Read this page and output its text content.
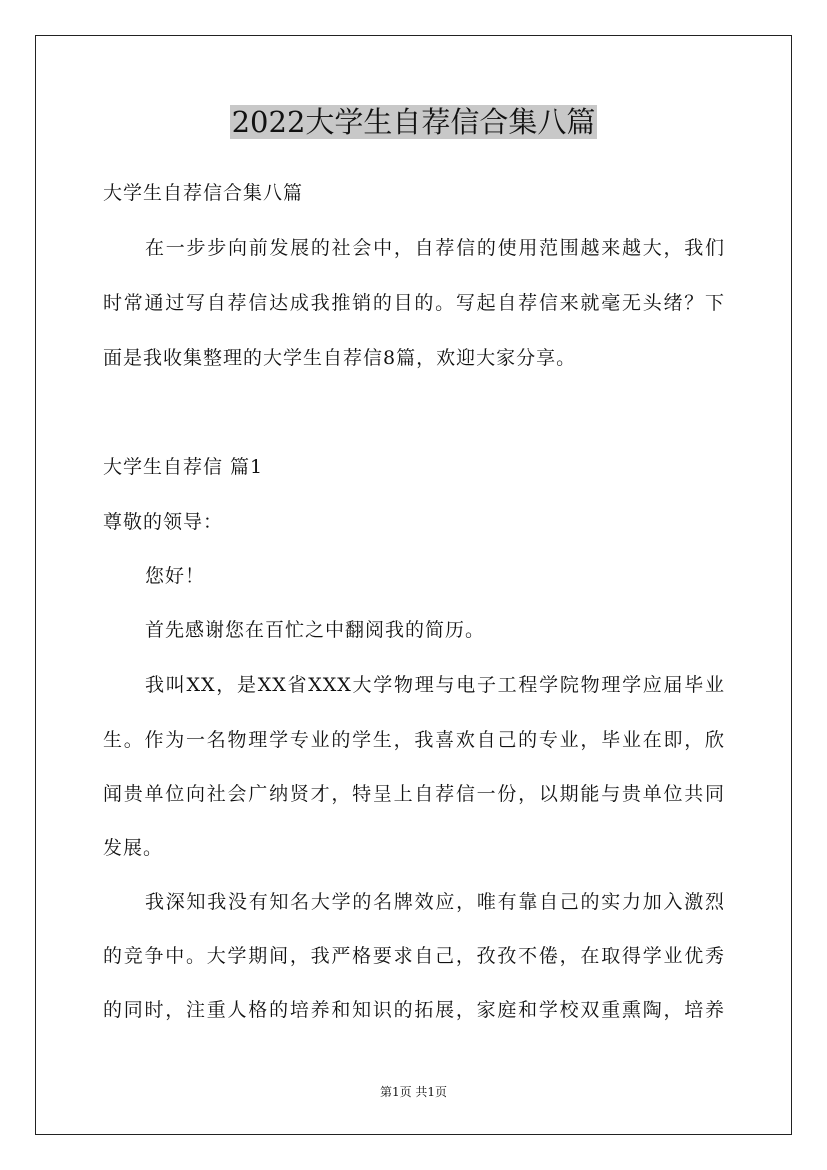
2022大学生自荐信合集八篇
大学生自荐信合集八篇
在一步步向前发展的社会中，自荐信的使用范围越来越大，我们
时常通过写自荐信达成我推销的目的。写起自荐信来就毫无头绪？下
面是我收集整理的大学生自荐信8篇，欢迎大家分享。
大学生自荐信 篇1
尊敬的领导：
您好！
首先感谢您在百忙之中翻阅我的简历。
我叫XX，是XX省XXX大学物理与电子工程学院物理学应届毕业
生。作为一名物理学专业的学生，我喜欢自己的专业，毕业在即，欣
闻贵单位向社会广纳贤才，特呈上自荐信一份，以期能与贵单位共同
发展。
我深知我没有知名大学的名牌效应，唯有靠自己的实力加入激烈
的竞争中。大学期间，我严格要求自己，孜孜不倦，在取得学业优秀
的同时，注重人格的培养和知识的拓展，家庭和学校双重熏陶，培养
第1页 共1页
